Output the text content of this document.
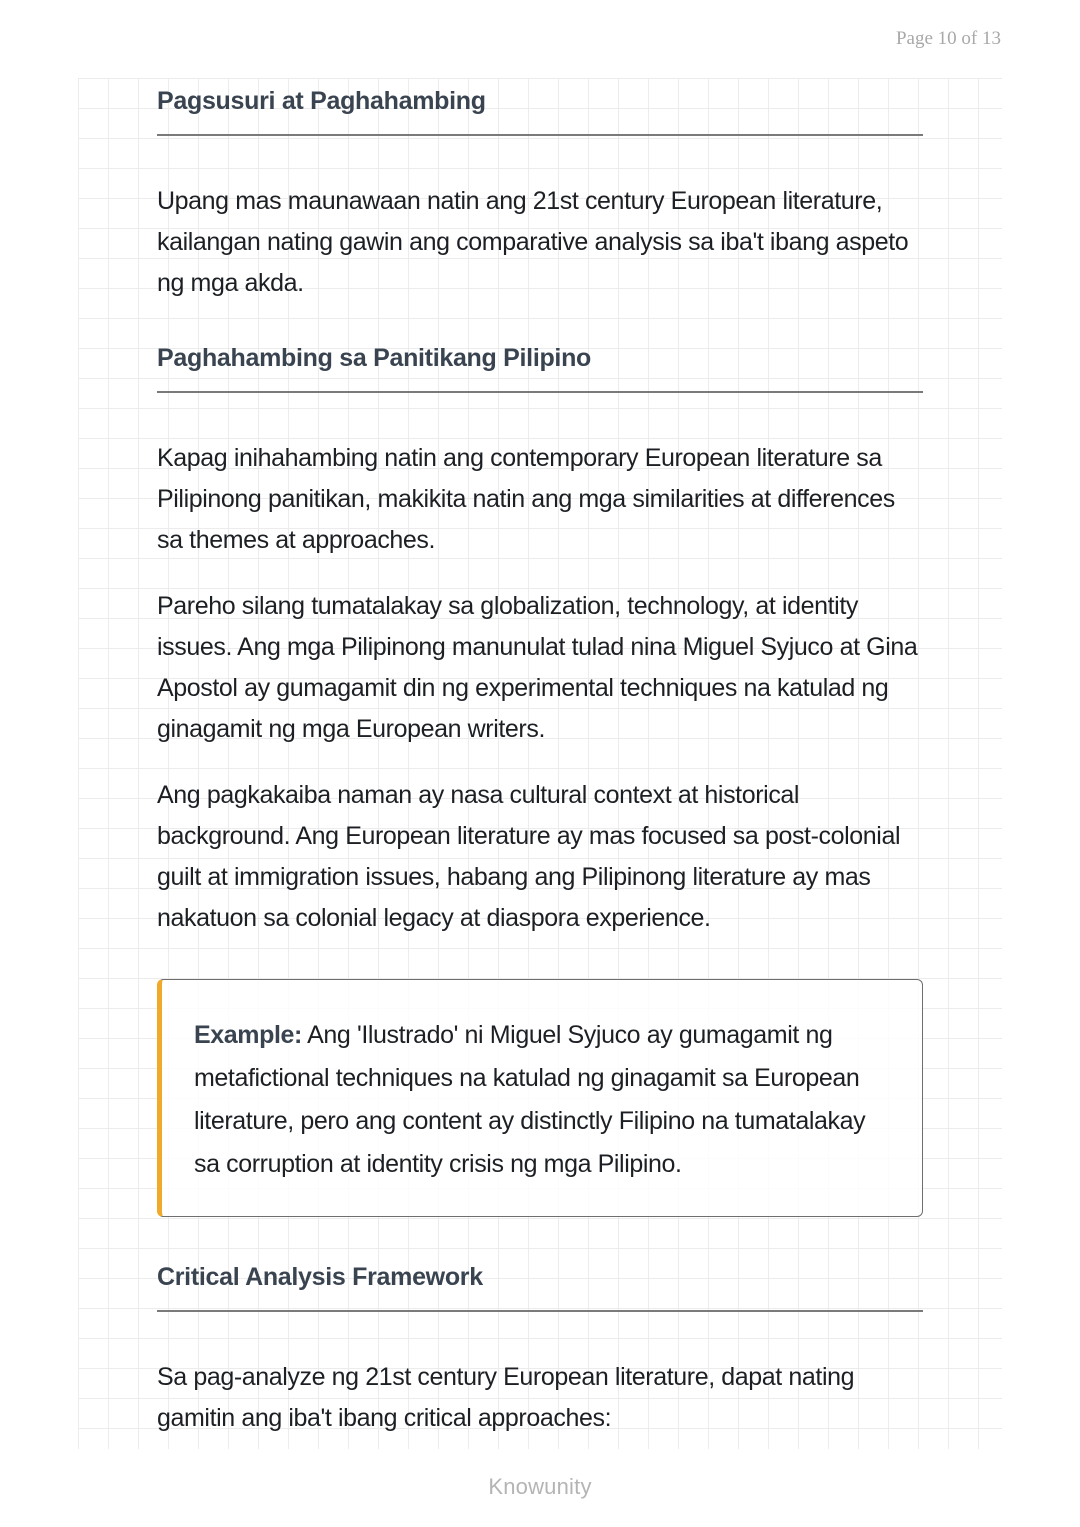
Page 10 of 13
Pagsusuri at Paghahambing

Upang mas maunawaan natin ang 21st century European literature, kailangan nating gawin ang comparative analysis sa iba't ibang aspeto ng mga akda.

Paghahambing sa Panitikang Pilipino

Kapag inihahambing natin ang contemporary European literature sa Pilipinong panitikan, makikita natin ang mga similarities at differences sa themes at approaches.

Pareho silang tumatalakay sa globalization, technology, at identity issues. Ang mga Pilipinong manunulat tulad nina Miguel Syjuco at Gina Apostol ay gumagamit din ng experimental techniques na katulad ng ginagamit ng mga European writers.

Ang pagkakaiba naman ay nasa cultural context at historical background. Ang European literature ay mas focused sa post-colonial guilt at immigration issues, habang ang Pilipinong literature ay mas nakatuon sa colonial legacy at diaspora experience.

Example: Ang 'Ilustrado' ni Miguel Syjuco ay gumagamit ng metafictional techniques na katulad ng ginagamit sa European literature, pero ang content ay distinctly Filipino na tumatalakay sa corruption at identity crisis ng mga Pilipino.

Critical Analysis Framework

Sa pag-analyze ng 21st century European literature, dapat nating gamitin ang iba't ibang critical approaches:

Knowunity
